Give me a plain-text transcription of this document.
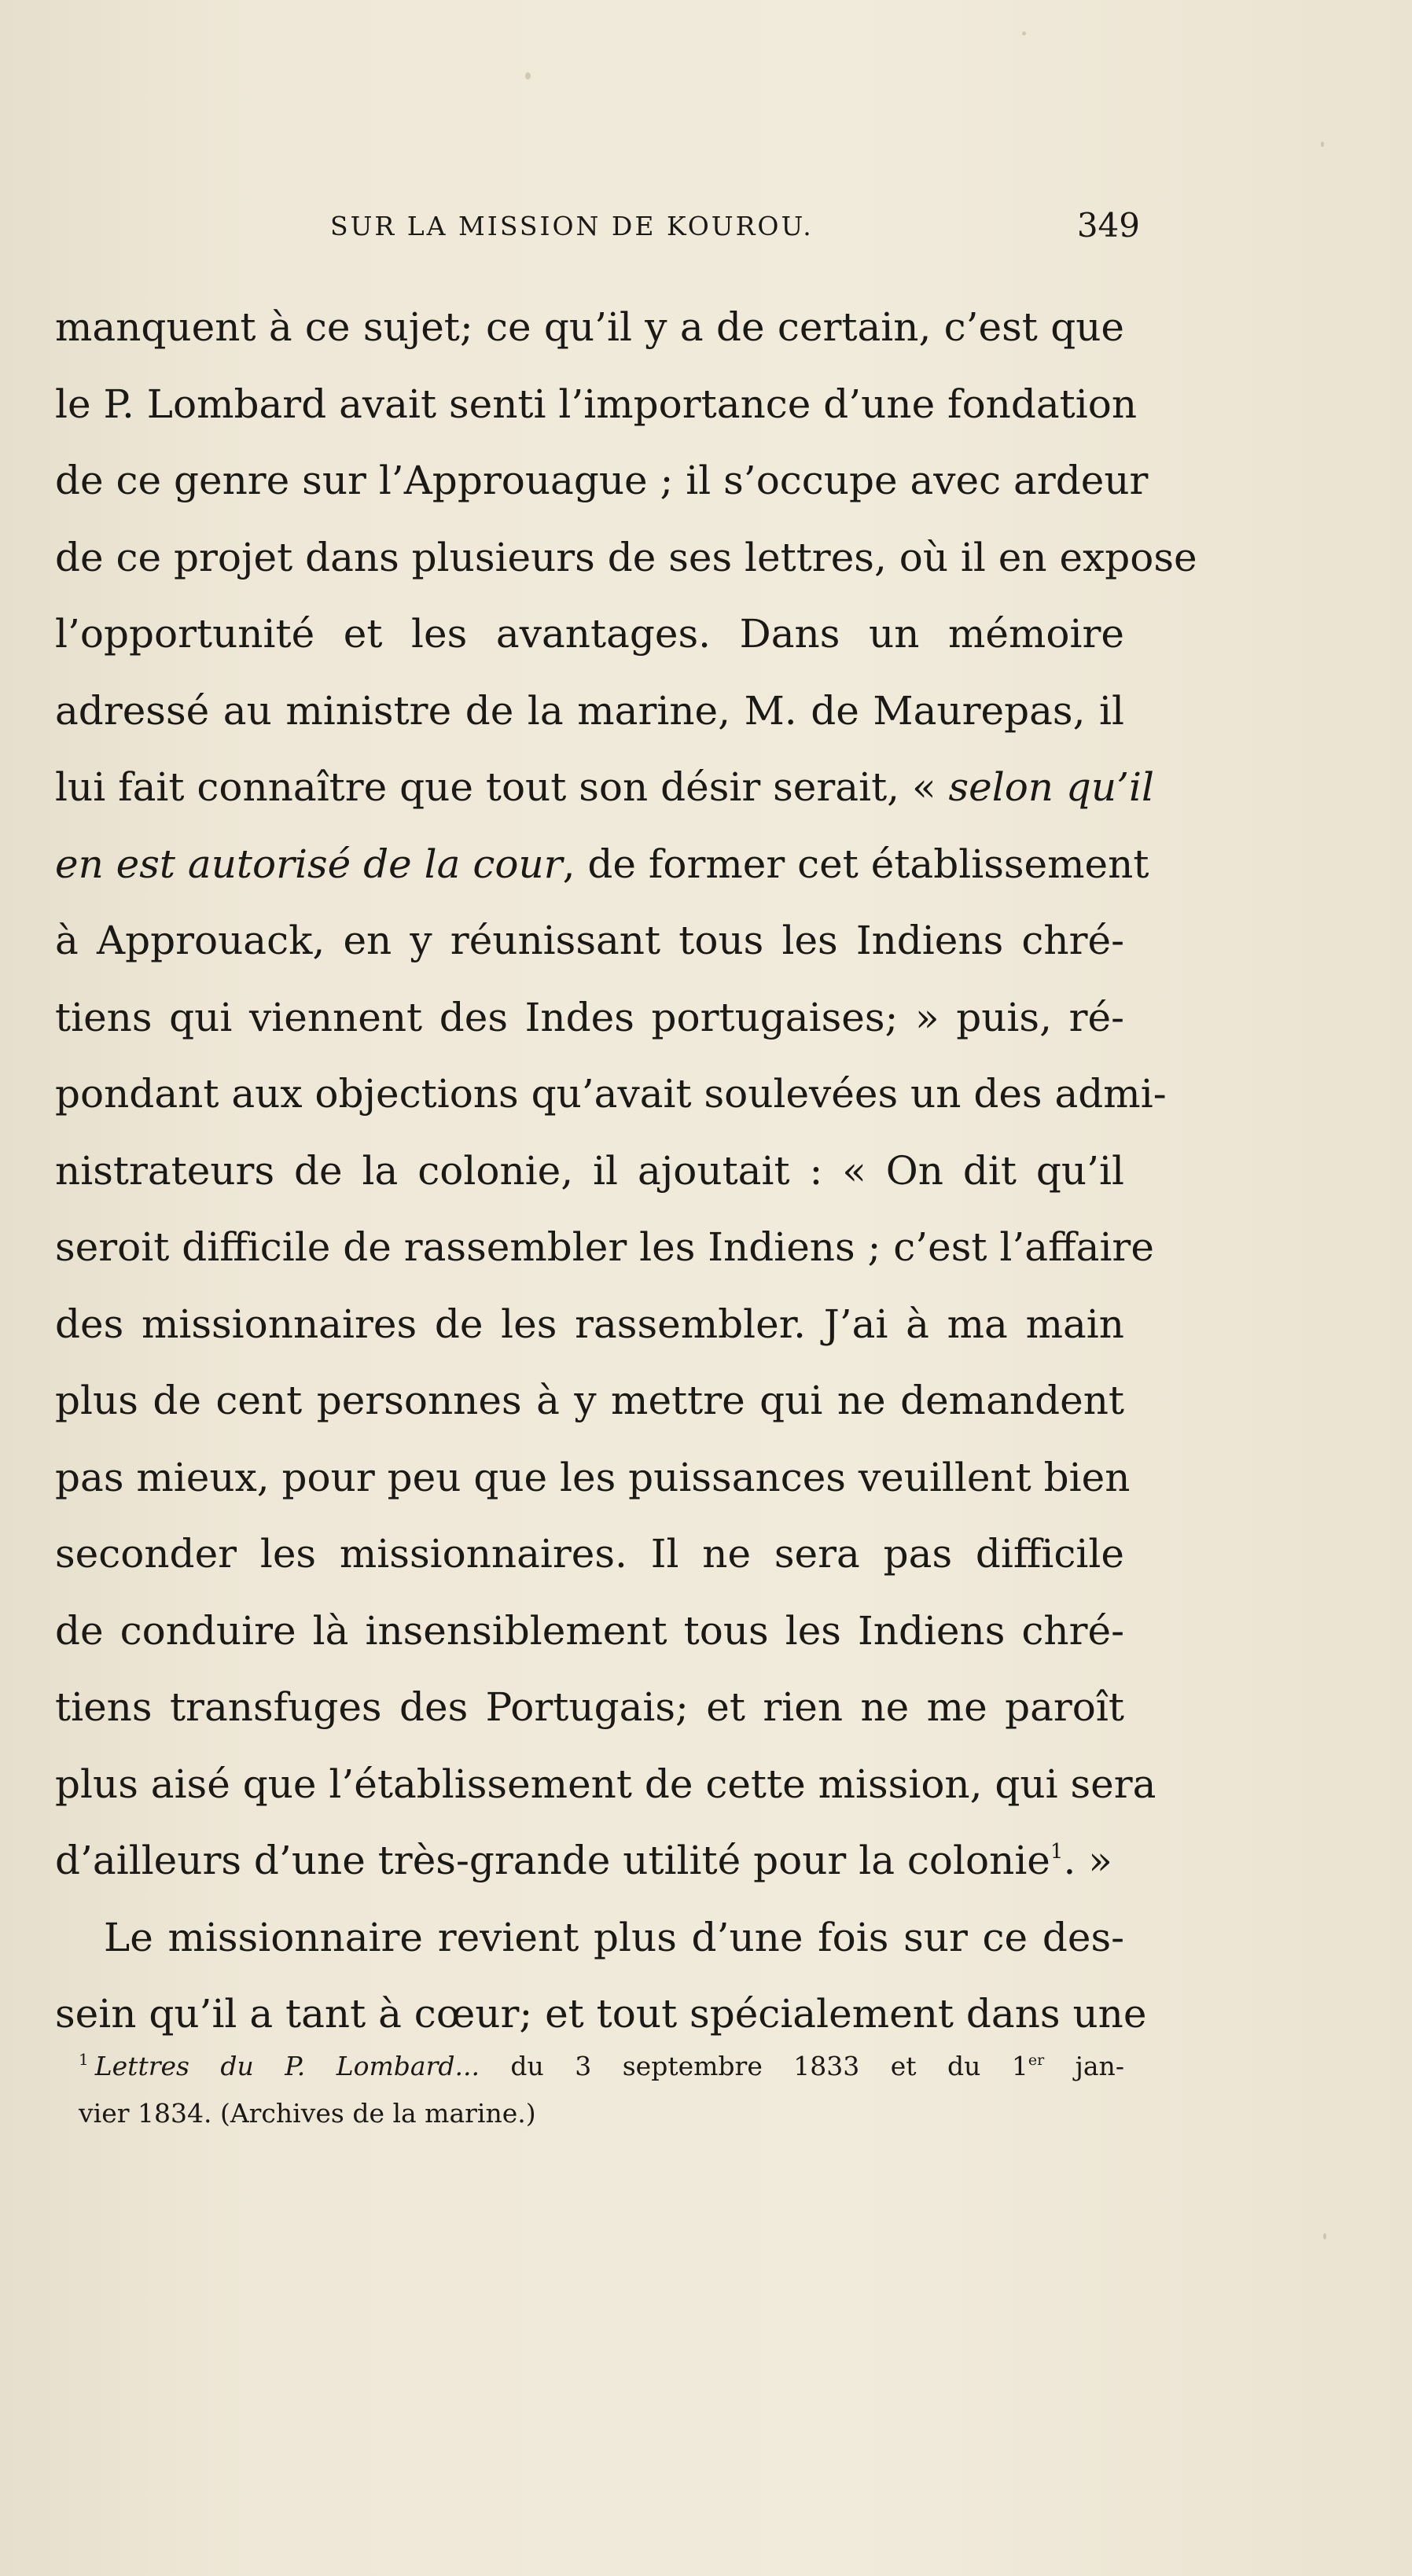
SUR LA MISSION DE KOUROU.	349
manquent à ce sujet; ce qu’il y a de certain, c’est que
le P. Lombard avait senti l’importance d’une fondation
de ce genre sur l’Approuague ; il s’occupe avec ardeur
de ce projet dans plusieurs de ses lettres, où il en expose
l’opportunité et les avantages. Dans un mémoire
adressé au ministre de la marine, M. de Maurepas, il
lui fait connaître que tout son désir serait, « selon qu’il
en est autorisé de la cour, de former cet établissement
à Approuack, en y réunissant tous les Indiens chré-
tiens qui viennent des Indes portugaises; » puis, ré-
pondant aux objections qu’avait soulevées un des admi-
nistrateurs de la colonie, il ajoutait : « On dit qu’il
seroit difficile de rassembler les Indiens ; c’est l’affaire
des missionnaires de les rassembler. J’ai à ma main
plus de cent personnes à y mettre qui ne demandent
pas mieux, pour peu que les puissances veuillent bien
seconder les missionnaires. Il ne sera pas difficile
de conduire là insensiblement tous les Indiens chré-
tiens transfuges des Portugais; et rien ne me paroît
plus aisé que l’établissement de cette mission, qui sera
d’ailleurs d’une très-grande utilité pour la colonie$^1$. »
Le missionnaire revient plus d’une fois sur ce des-
sein qu’il a tant à cœur; et tout spécialement dans une
$^1$ Lettres du P. Lombard... du 3 septembre 1833 et du 1er jan-
vier 1834. (Archives de la marine.)
